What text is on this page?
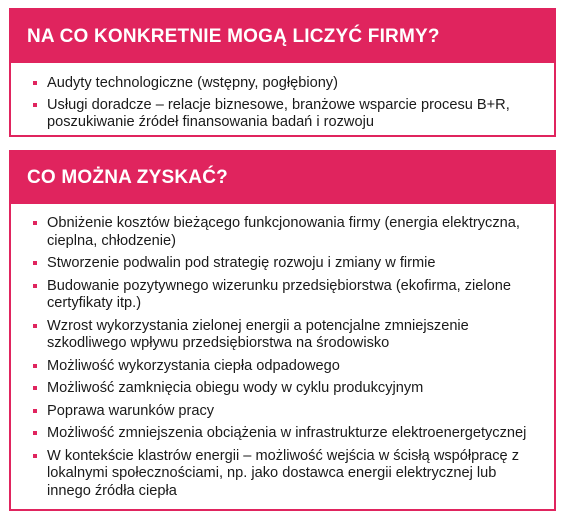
NA CO KONKRETNIE MOGĄ LICZYĆ FIRMY?
Audyty technologiczne (wstępny, pogłębiony)
Usługi doradcze – relacje biznesowe, branżowe wsparcie procesu B+R, poszukiwanie źródeł finansowania badań i rozwoju
CO MOŻNA ZYSKAĆ?
Obniżenie kosztów bieżącego funkcjonowania firmy (energia elektryczna, cieplna, chłodzenie)
Stworzenie podwalin pod strategię rozwoju i zmiany w firmie
Budowanie pozytywnego wizerunku przedsiębiorstwa (ekofirma, zielone certyfikaty itp.)
Wzrost wykorzystania zielonej energii a potencjalne zmniejszenie szkodliwego wpływu przedsiębiorstwa na środowisko
Możliwość wykorzystania ciepła odpadowego
Możliwość zamknięcia obiegu wody w cyklu produkcyjnym
Poprawa warunków pracy
Możliwość zmniejszenia obciążenia w infrastrukturze elektroenergetycznej
W kontekście klastrów energii – możliwość wejścia w ścisłą współpracę z lokalnymi społecznościami, np. jako dostawca energii elektrycznej lub innego źródła ciepła
